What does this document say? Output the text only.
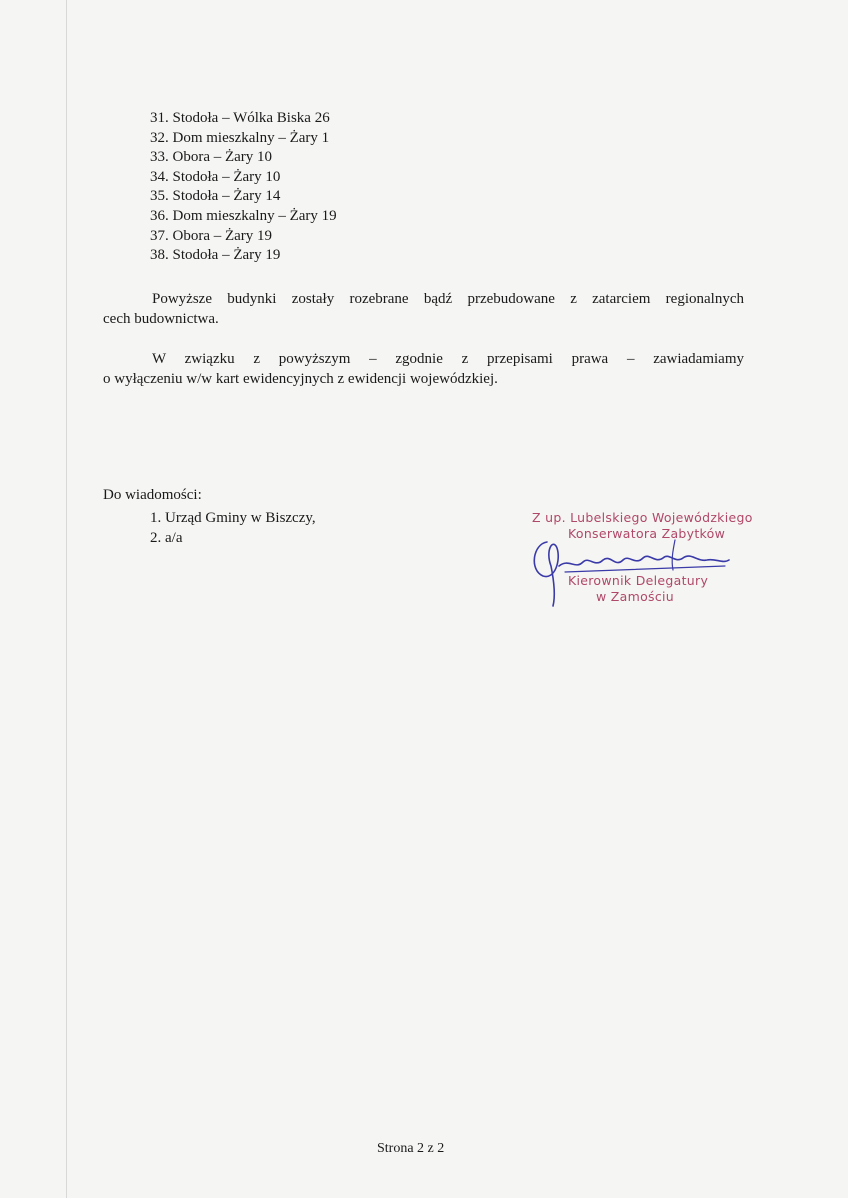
31. Stodoła – Wólka Biska 26
32. Dom mieszkalny – Żary 1
33. Obora – Żary 10
34. Stodoła – Żary 10
35. Stodoła – Żary 14
36. Dom mieszkalny – Żary 19
37. Obora – Żary 19
38. Stodoła – Żary 19
Powyższe budynki zostały rozebrane bądź przebudowane z zatarciem regionalnych
cech budownictwa.
W związku z powyższym – zgodnie z przepisami prawa – zawiadamiamy
o wyłączeniu w/w kart ewidencyjnych z ewidencji wojewódzkiej.
Do wiadomości:
1. Urząd Gminy w Biszczy,
2. a/a
Z up. Lubelskiego Wojewódzkiego
Konserwatora Zabytków
Kierownik Delegatury
w Zamościu
Strona 2 z 2
